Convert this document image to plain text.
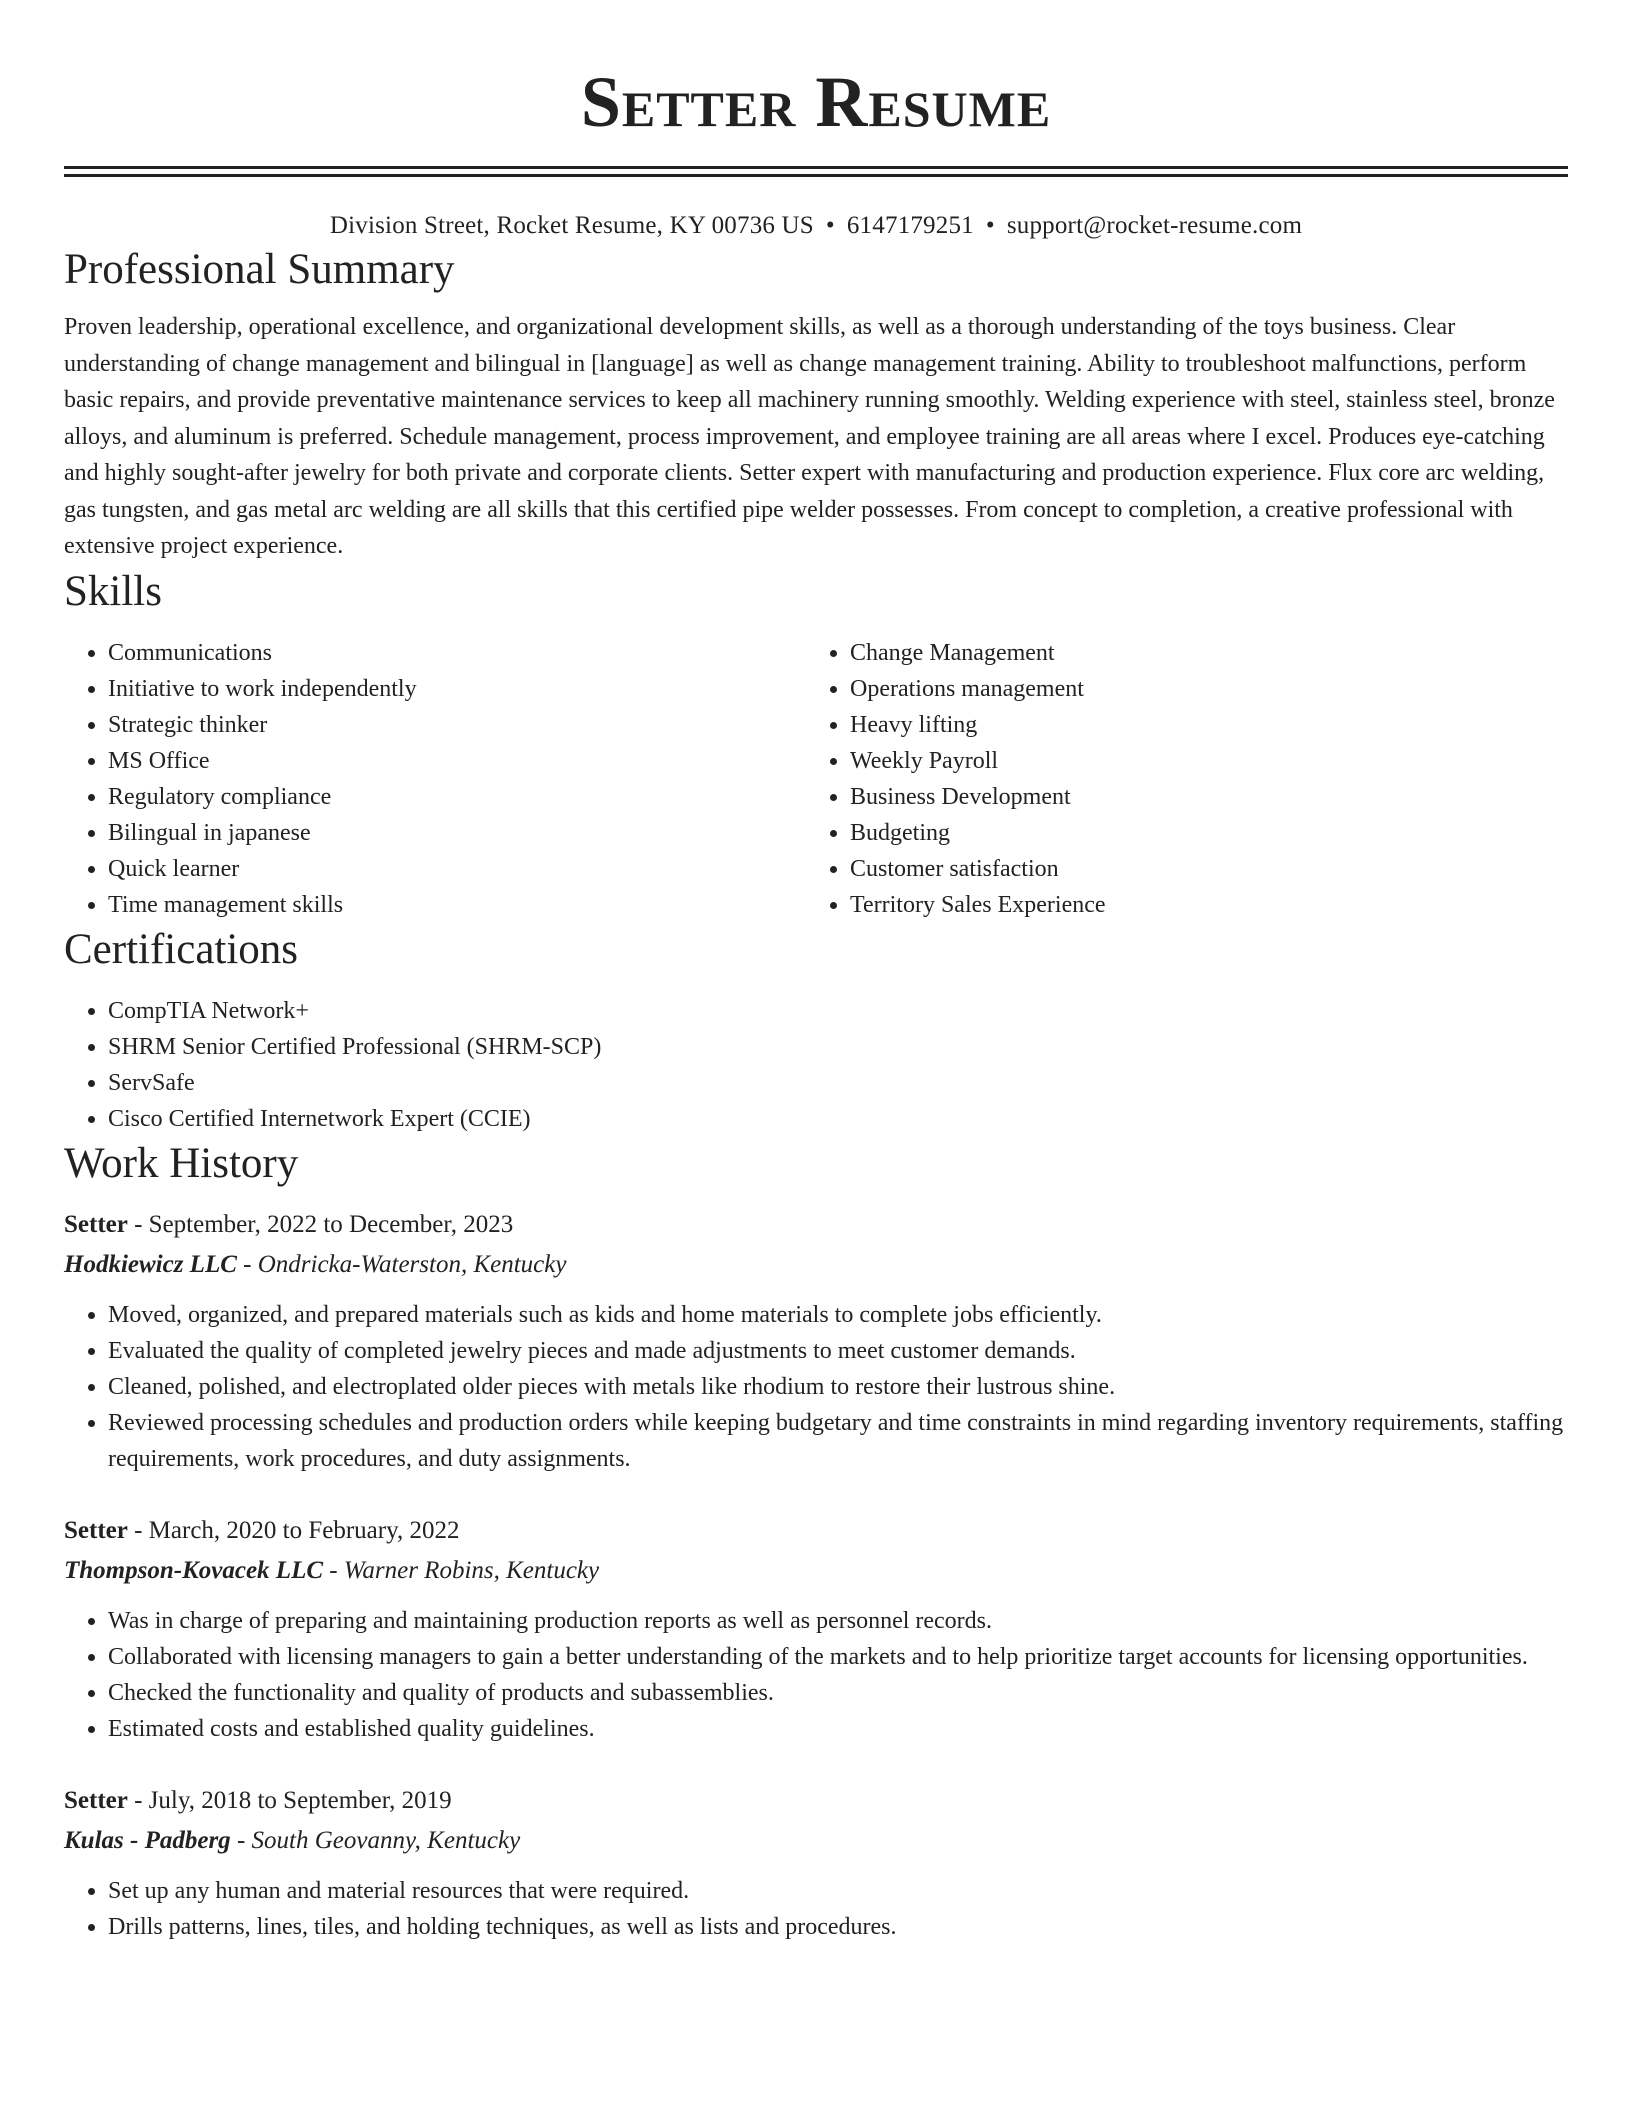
Setter Resume
Division Street, Rocket Resume, KY 00736 US • 6147179251 • support@rocket-resume.com
Professional Summary

Proven leadership, operational excellence, and organizational development skills, as well as a thorough understanding of the toys business. Clear understanding of change management and bilingual in [language] as well as change management training. Ability to troubleshoot malfunctions, perform basic repairs, and provide preventative maintenance services to keep all machinery running smoothly. Welding experience with steel, stainless steel, bronze alloys, and aluminum is preferred. Schedule management, process improvement, and employee training are all areas where I excel. Produces eye-catching and highly sought-after jewelry for both private and corporate clients. Setter expert with manufacturing and production experience. Flux core arc welding, gas tungsten, and gas metal arc welding are all skills that this certified pipe welder possesses. From concept to completion, a creative professional with extensive project experience.

Skills
• Communications
• Initiative to work independently
• Strategic thinker
• MS Office
• Regulatory compliance
• Bilingual in japanese
• Quick learner
• Time management skills
• Change Management
• Operations management
• Heavy lifting
• Weekly Payroll
• Business Development
• Budgeting
• Customer satisfaction
• Territory Sales Experience
Certifications
• CompTIA Network+
• SHRM Senior Certified Professional (SHRM-SCP)
• ServSafe
• Cisco Certified Internetwork Expert (CCIE)
Work History
Setter - September, 2022 to December, 2023
Hodkiewicz LLC - Ondricka-Waterston, Kentucky
• Moved, organized, and prepared materials such as kids and home materials to complete jobs efficiently.
• Evaluated the quality of completed jewelry pieces and made adjustments to meet customer demands.
• Cleaned, polished, and electroplated older pieces with metals like rhodium to restore their lustrous shine.
• Reviewed processing schedules and production orders while keeping budgetary and time constraints in mind regarding inventory requirements, staffing requirements, work procedures, and duty assignments.
Setter - March, 2020 to February, 2022
Thompson-Kovacek LLC - Warner Robins, Kentucky
• Was in charge of preparing and maintaining production reports as well as personnel records.
• Collaborated with licensing managers to gain a better understanding of the markets and to help prioritize target accounts for licensing opportunities.
• Checked the functionality and quality of products and subassemblies.
• Estimated costs and established quality guidelines.
Setter - July, 2018 to September, 2019
Kulas - Padberg - South Geovanny, Kentucky
• Set up any human and material resources that were required.
• Drills patterns, lines, tiles, and holding techniques, as well as lists and procedures.
